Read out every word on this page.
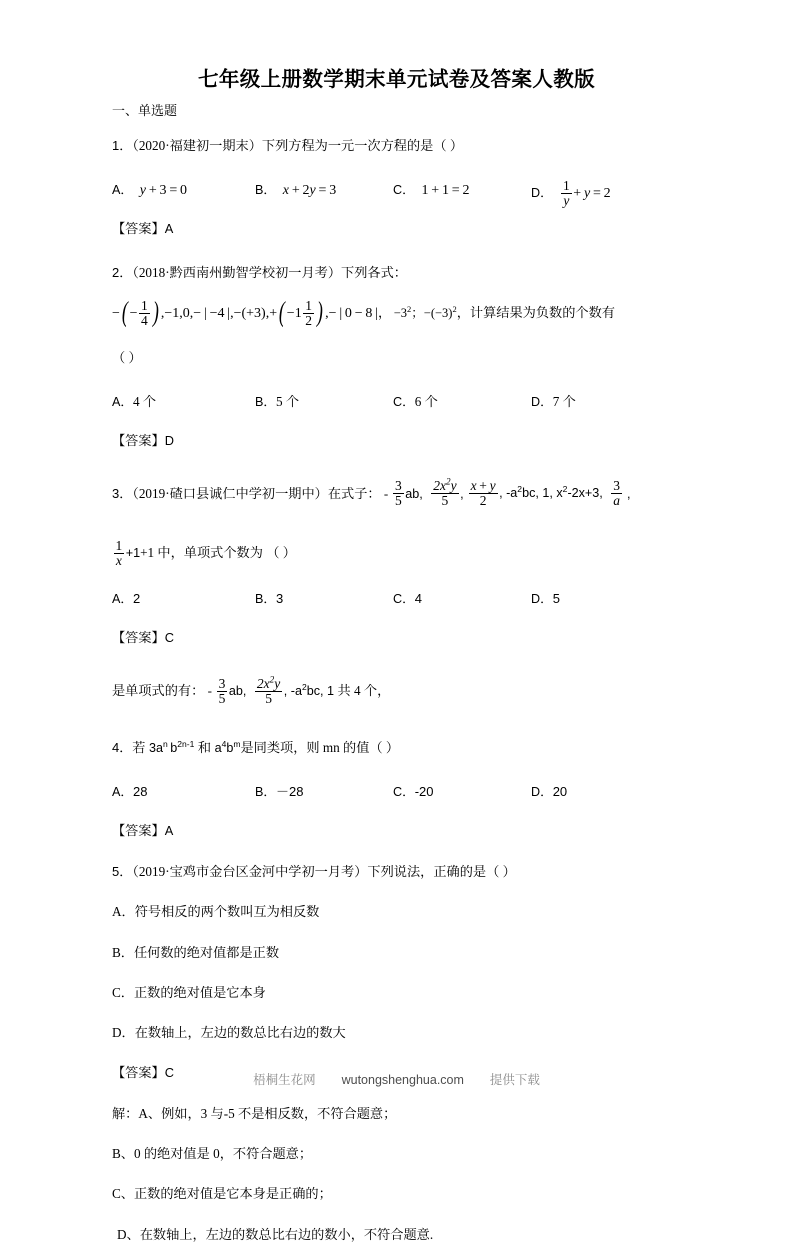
七年级上册数学期末单元试卷及答案人教版
一、单选题
1．（2020·福建初一期末）下列方程为一元一次方程的是（ ）
A．  y + 3 = 0	B．  x + 2y = 3	C．  1 + 1 = 2	D． $\frac{1}{y} + y = 2$
【答案】A
2．（2018·黔西南州勤智学校初一月考）下列各式：
−( − $\frac{1}{4}$ ) ,−1,0,− | −4 $|,-(+3),+( -1 \frac{1}{2}$ ) ,− | 0 − 8 |， $-3^2$；$-(-3)^2$，计算结果为负数的个数有
（ ）
A．4 个	B．5 个	C．6 个	D．7 个
【答案】D
3．（2019·碴口县诚仁中学初一期中）在式子： - $\frac{3}{5}$ ab, $\frac{2x^2y}{5}$ , $\frac{x + y}{2}$ , $-a^2bc$, 1, $x^2-2x+3$, $\frac{3}{a}$ ,
$\frac{1}{x} +1+1$ 中，单项式个数为 （ ）
A．2	B．3	C．4	D．5
【答案】C
是单项式的有： - $\frac{3}{5}$ ab, $\frac{2x^2y}{5}$ , $-a^2bc$, 1 共 4 个，
4．若 $3a^n$  $b^{2n-1}$ 和 $a^4b^m$是同类项，则 mn 的值（ ）
A．28	B．－28	C．-20	D．20
【答案】A
5．（2019·宝鸡市金台区金河中学初一月考）下列说法，正确的是（ ）
A．符号相反的两个数叫互为相反数
B．任何数的绝对值都是正数
C．正数的绝对值是它本身
D．在数轴上，左边的数总比右边的数大
【答案】C
解：A、例如，3 与-5 不是相反数，不符合题意；
B、0 的绝对值是 0，不符合题意；
C、正数的绝对值是它本身是正确的；
D、在数轴上，左边的数总比右边的数小，不符合题意.
梧桐生花网 wutongshenghua.com 提供下载
